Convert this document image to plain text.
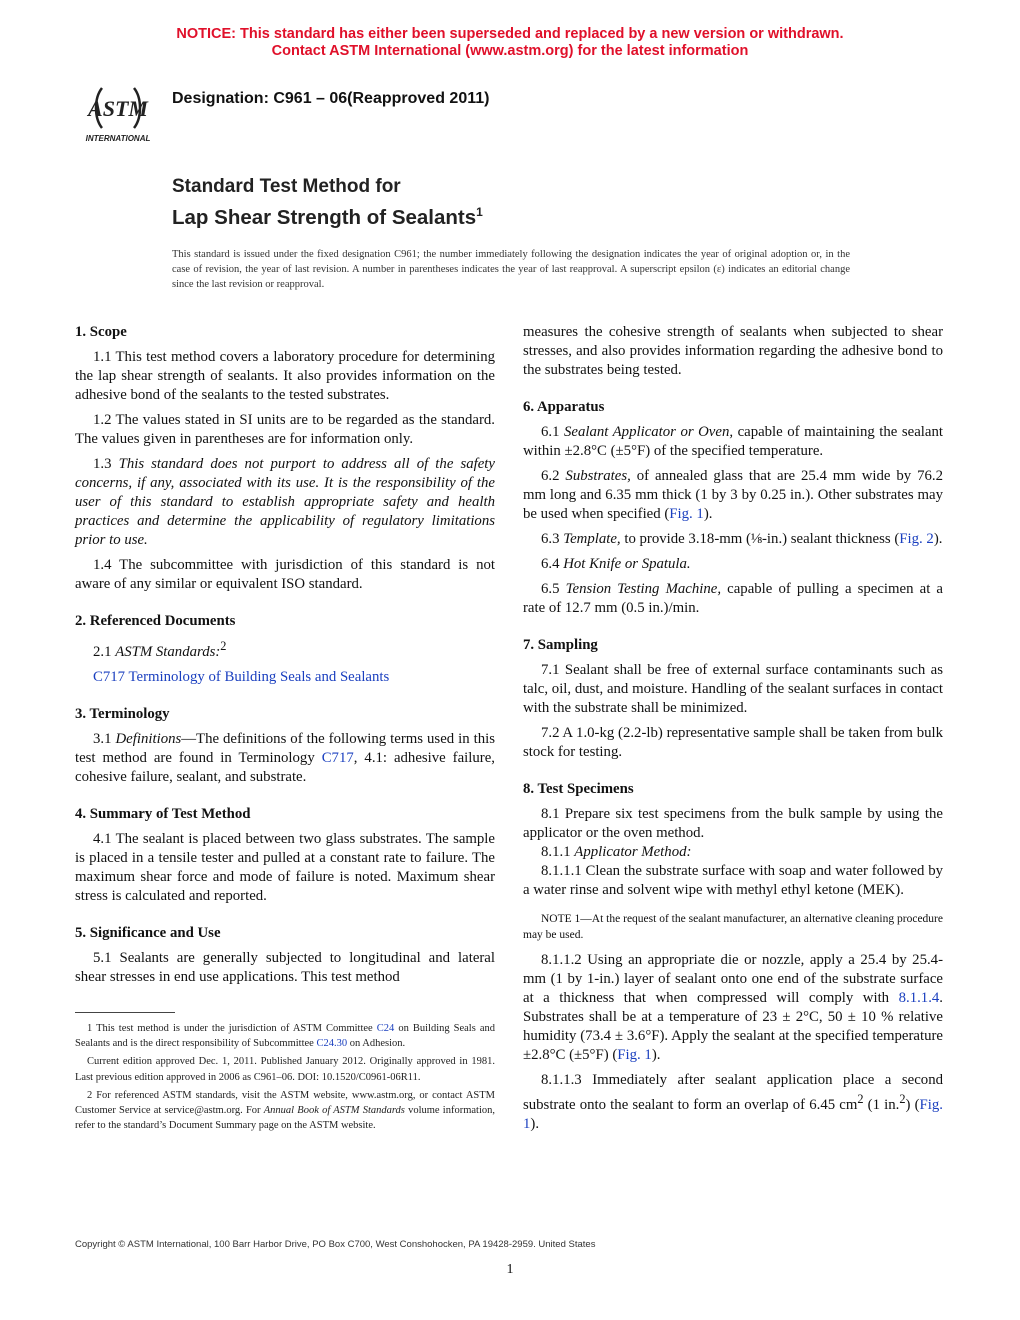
NOTICE: This standard has either been superseded and replaced by a new version or withdrawn.
Contact ASTM International (www.astm.org) for the latest information
ASTM
INTERNATIONAL
Designation: C961 – 06(Reapproved 2011)
Standard Test Method for
Lap Shear Strength of Sealants$^1$
This standard is issued under the fixed designation C961; the number immediately following the designation indicates the year of original adoption or, in the case of revision, the year of last revision. A number in parentheses indicates the year of last reapproval. A superscript epsilon (ε) indicates an editorial change since the last revision or reapproval.
1. Scope

1.1 This test method covers a laboratory procedure for determining the lap shear strength of sealants. It also provides information on the adhesive bond of the sealants to the tested substrates.

1.2 The values stated in SI units are to be regarded as the standard. The values given in parentheses are for information only.

1.3 This standard does not purport to address all of the safety concerns, if any, associated with its use. It is the responsibility of the user of this standard to establish appropriate safety and health practices and determine the applicability of regulatory limitations prior to use.

1.4 The subcommittee with jurisdiction of this standard is not aware of any similar or equivalent ISO standard.

2. Referenced Documents

2.1 ASTM Standards:$^2$

C717 Terminology of Building Seals and Sealants

3. Terminology

3.1 Definitions—The definitions of the following terms used in this test method are found in Terminology C717, 4.1: adhesive failure, cohesive failure, sealant, and substrate.

4. Summary of Test Method

4.1 The sealant is placed between two glass substrates. The sample is placed in a tensile tester and pulled at a constant rate to failure. The maximum shear force and mode of failure is noted. Maximum shear stress is calculated and reported.

5. Significance and Use

5.1 Sealants are generally subjected to longitudinal and lateral shear stresses in end use applications. This test method

measures the cohesive strength of sealants when subjected to shear stresses, and also provides information regarding the adhesive bond to the substrates being tested.

6. Apparatus

6.1 Sealant Applicator or Oven, capable of maintaining the sealant within ±2.8°C (±5°F) of the specified temperature.

6.2 Substrates, of annealed glass that are 25.4 mm wide by 76.2 mm long and 6.35 mm thick (1 by 3 by 0.25 in.). Other substrates may be used when specified (Fig. 1).

6.3 Template, to provide 3.18-mm (⅛-in.) sealant thickness (Fig. 2).

6.4 Hot Knife or Spatula.

6.5 Tension Testing Machine, capable of pulling a specimen at a rate of 12.7 mm (0.5 in.)/min.

7. Sampling

7.1 Sealant shall be free of external surface contaminants such as talc, oil, dust, and moisture. Handling of the sealant surfaces in contact with the substrate shall be minimized.

7.2 A 1.0-kg (2.2-lb) representative sample shall be taken from bulk stock for testing.

8. Test Specimens

8.1 Prepare six test specimens from the bulk sample by using the applicator or the oven method.

8.1.1 Applicator Method:

8.1.1.1 Clean the substrate surface with soap and water followed by a water rinse and solvent wipe with methyl ethyl ketone (MEK).

NOTE 1—At the request of the sealant manufacturer, an alternative cleaning procedure may be used.

8.1.1.2 Using an appropriate die or nozzle, apply a 25.4 by 25.4-mm (1 by 1-in.) layer of sealant onto one end of the substrate surface at a thickness that when compressed will comply with 8.1.1.4. Substrates shall be at a temperature of 23 ± 2°C, 50 ± 10 % relative humidity (73.4 ± 3.6°F). Apply the sealant at the specified temperature ±2.8°C (±5°F) (Fig. 1).

8.1.1.3 Immediately after sealant application place a second substrate onto the sealant to form an overlap of 6.45 $cm^2$ (1 in.$^2$) (Fig. 1).

1 This test method is under the jurisdiction of ASTM Committee C24 on Building Seals and Sealants and is the direct responsibility of Subcommittee C24.30 on Adhesion.

Current edition approved Dec. 1, 2011. Published January 2012. Originally approved in 1981. Last previous edition approved in 2006 as C961–06. DOI: 10.1520/C0961-06R11.

2 For referenced ASTM standards, visit the ASTM website, www.astm.org, or contact ASTM Customer Service at service@astm.org. For Annual Book of ASTM Standards volume information, refer to the standard’s Document Summary page on the ASTM website.

Copyright © ASTM International, 100 Barr Harbor Drive, PO Box C700, West Conshohocken, PA 19428-2959. United States
1
